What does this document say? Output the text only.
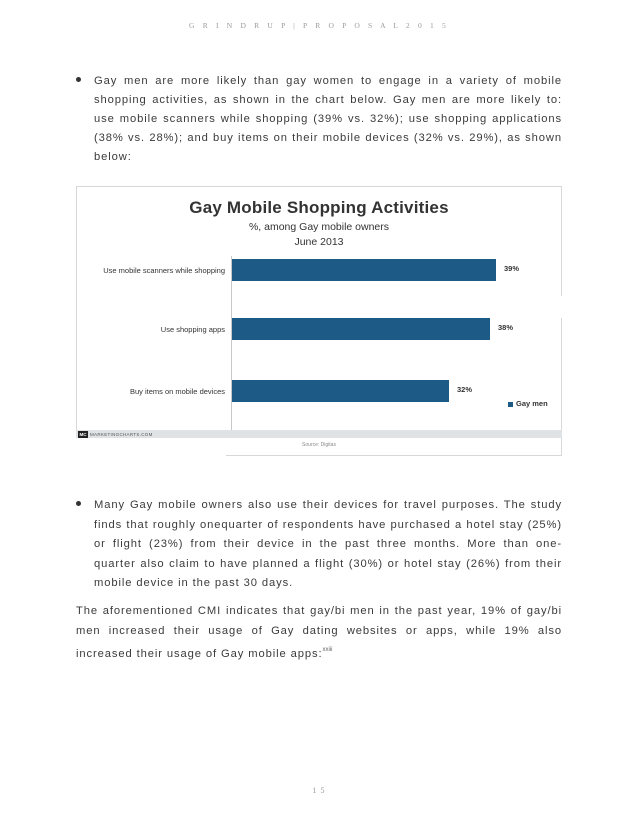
G R I N D R U P | P R O P O S A L 2 0 1 5
Gay men are more likely than gay women to engage in a variety of mobile shopping activities, as shown in the chart below. Gay men are more likely to: use mobile scanners while shopping (39% vs. 32%); use shopping applications (38% vs. 28%); and buy items on their mobile devices (32% vs. 29%), as shown below:
Gay Mobile Shopping Activities
%, among Gay mobile owners
June 2013
Use mobile scanners while shopping	39%
Use shopping apps	38%
Buy items on mobile devices	32%
Gay men
MC MARKETINGCHARTS.COM
Source: Digitas
Many Gay mobile owners also use their devices for travel purposes. The study finds that roughly onequarter of respondents have purchased a hotel stay (25%) or flight (23%) from their device in the past three months. More than one-quarter also claim to have planned a flight (30%) or hotel stay (26%) from their mobile device in the past 30 days.
The aforementioned CMI indicates that gay/bi men in the past year, 19% of gay/bi men increased their usage of Gay dating websites or apps, while 19% also increased their usage of Gay mobile apps:$^{xxiii}$
1 5
